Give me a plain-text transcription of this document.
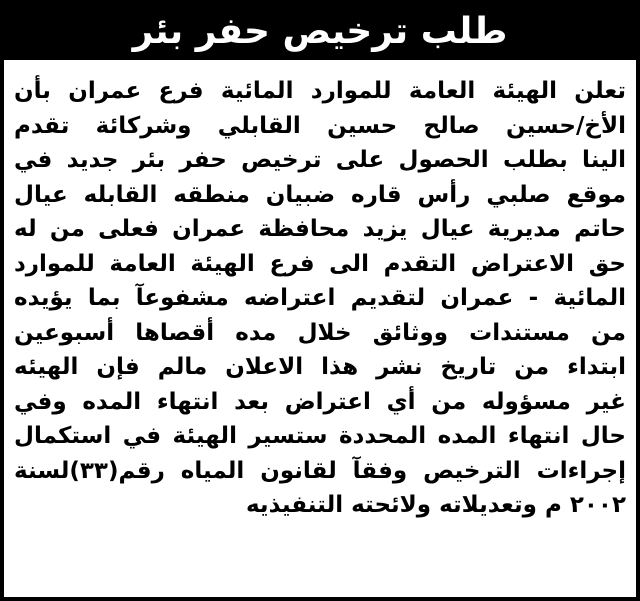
طلب ترخيص حفر بئر
تعلن الهيئة العامة للموارد المائية فرع عمران بأن
الأخ/حسين صالح حسين القابلي وشركائة تقدم
الينا بطلب الحصول على ترخيص حفر بئر جديد في
موقع صلبي رأس قاره ضبيان منطقه القابله عيال
حاتم مديرية عيال يزيد محافظة عمران فعلى من له
حق الاعتراض التقدم الى فرع الهيئة العامة للموارد
المائية - عمران لتقديم اعتراضه مشفوعآ بما يؤيده
من مستندات ووثائق خلال مده أقصاها أسبوعين
ابتداء من تاريخ نشر هذا الاعلان مالم فإن الهيئه
غير مسؤوله من أي اعتراض بعد انتهاء المده وفي
حال انتهاء المده المحددة ستسير الهيئة في استكمال
إجراءات الترخيص وفقآ لقانون المياه رقم(٣٣)لسنة
٢٠٠٢ م وتعديلاته ولائحته التنفيذيه
